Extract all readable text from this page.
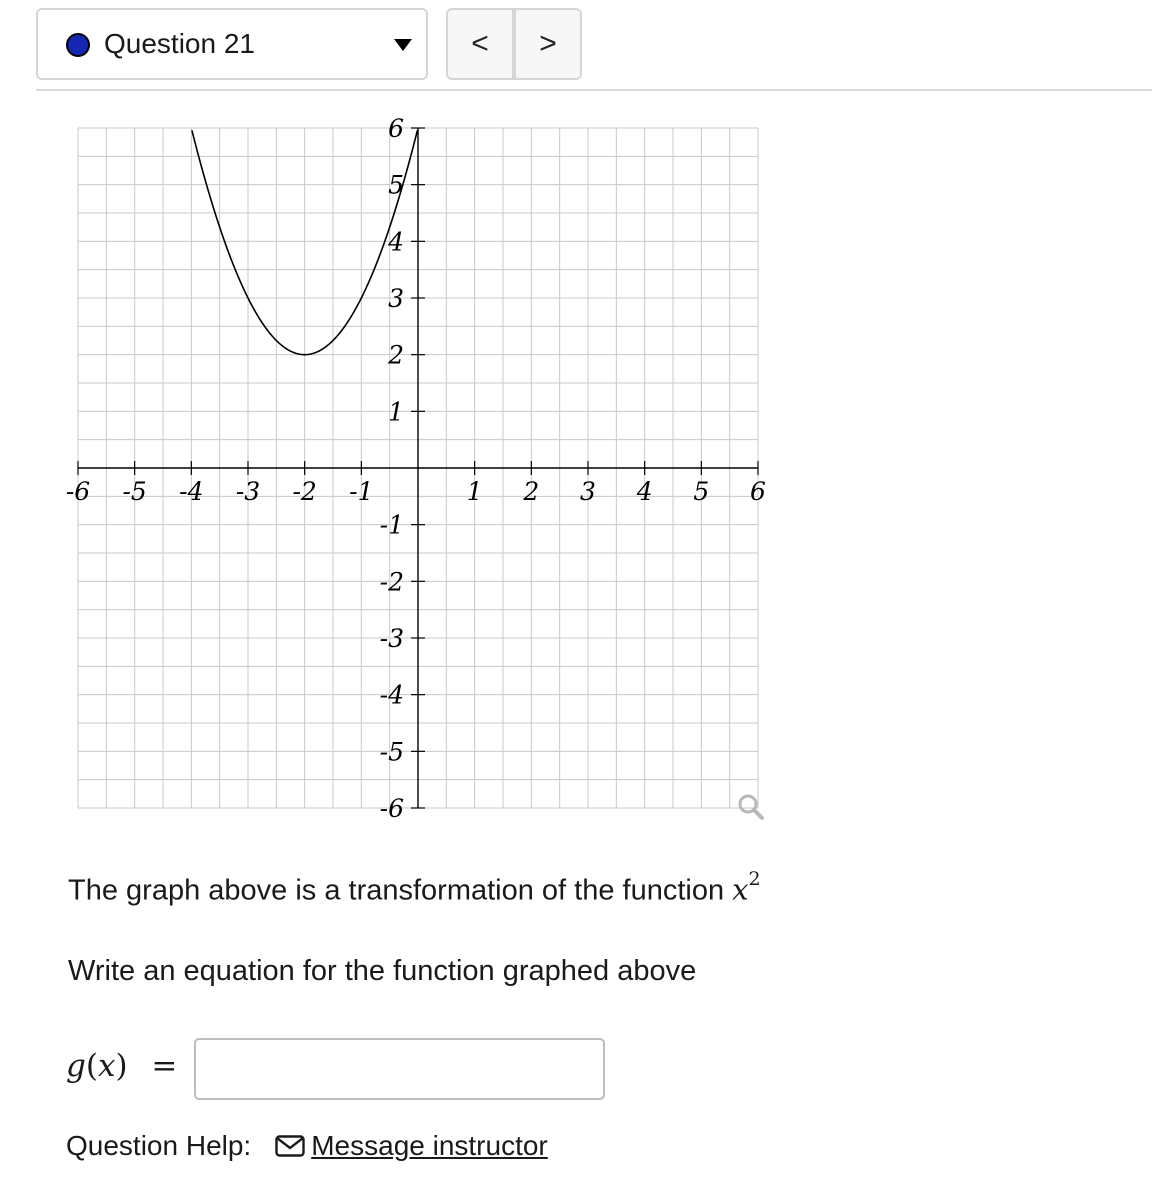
Question 21	<	>
-6 -5 -4 -3 -2 -1	1 2 3 4 5 6
6
5
4
3
2
1
-1
-2
-3
-4
-5
-6
The graph above is a transformation of the function $x^2$
Write an equation for the function graphed above
g(x) =
Question Help: Message instructor
